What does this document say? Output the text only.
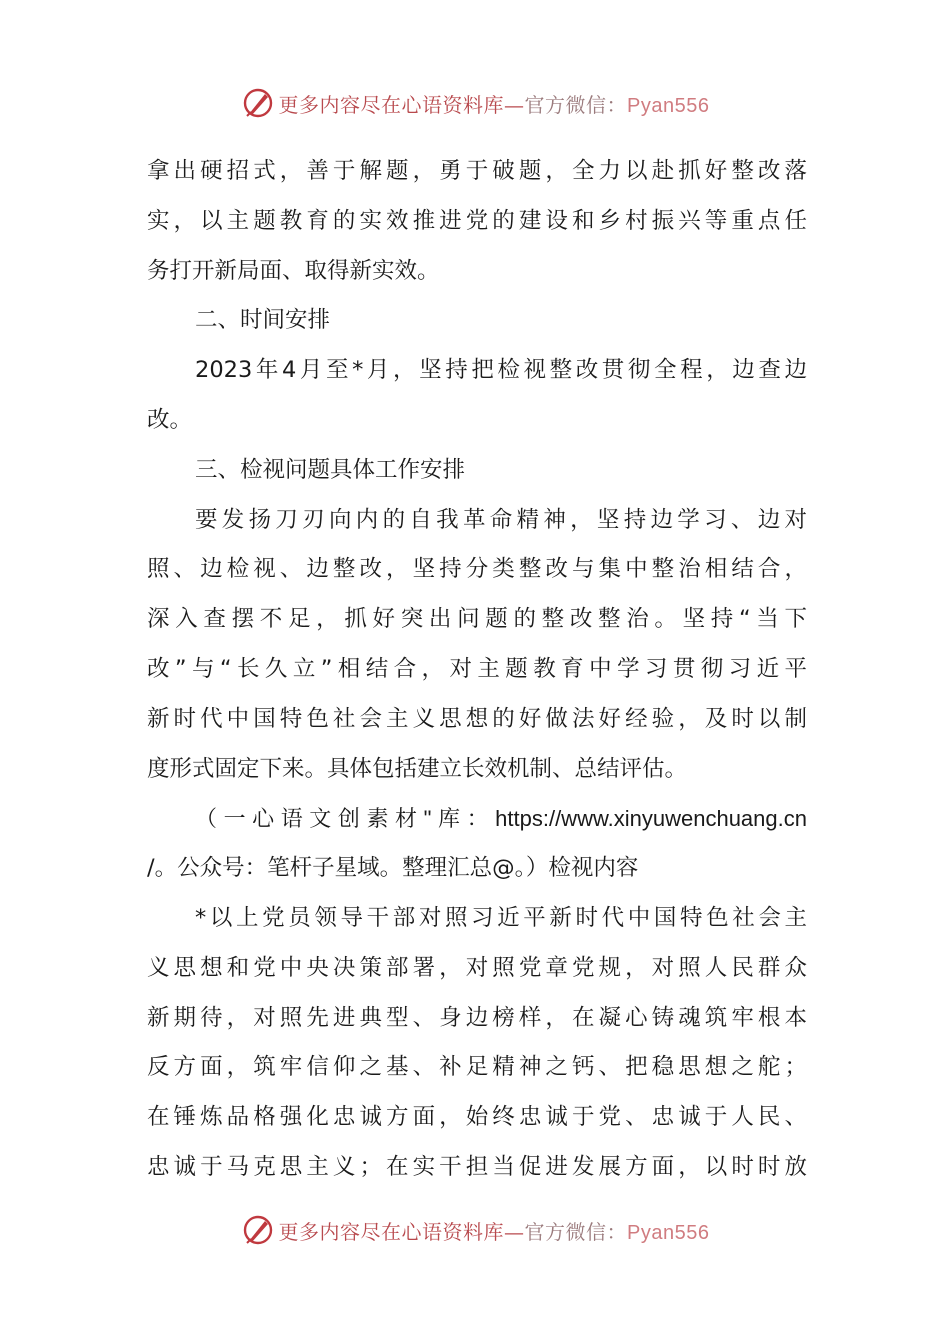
更多内容尽在心语资料库—官方微信：Pyan556
拿出硬招式，善于解题，勇于破题，全力以赴抓好整改落
实，以主题教育的实效推进党的建设和乡村振兴等重点任
务打开新局面、取得新实效。
二、时间安排
2023年4月至*月，坚持把检视整改贯彻全程，边查边
改。
三、检视问题具体工作安排
要发扬刀刃向内的自我革命精神，坚持边学习、边对
照、边检视、边整改，坚持分类整改与集中整治相结合，
深入查摆不足，抓好突出问题的整改整治。坚持“当下
改”与“长久立”相结合，对主题教育中学习贯彻习近平
新时代中国特色社会主义思想的好做法好经验，及时以制
度形式固定下来。具体包括建立长效机制、总结评估。
（一心语文创素材"库：https://www.xinyuwenchuang.cn
/。公众号：笔杆子星域。整理汇总@。）检视内容
*以上党员领导干部对照习近平新时代中国特色社会主
义思想和党中央决策部署，对照党章党规，对照人民群众
新期待，对照先进典型、身边榜样，在凝心铸魂筑牢根本
反方面，筑牢信仰之基、补足精神之钙、把稳思想之舵；
在锤炼品格强化忠诚方面，始终忠诚于党、忠诚于人民、
忠诚于马克思主义；在实干担当促进发展方面，以时时放
更多内容尽在心语资料库—官方微信：Pyan556
